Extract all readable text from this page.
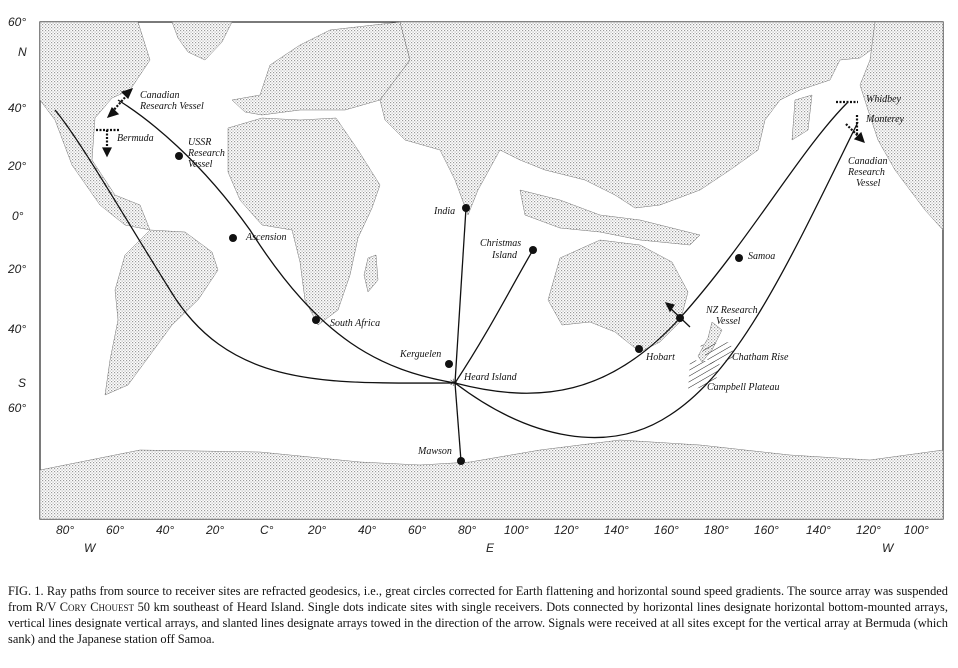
✳
60°
N
40°
20°
0°
20°
40°
S
60°
80°	60°	40°	20°	C°	20°	40°	60°	80° 100° 120° 140° 160° 180° 160° 140° 120° 100°
W	E	W
Canadian
Research Vessel
Bermuda	USSR
Research
Vessel
Ascension
South Africa
Kerguelen
Heard Island
Mawson
India
Christmas
Island	Samoa
NZ Research
Vessel
Hobart	Chatham Rise
Campbell Plateau
Whidbey
Monterey
Canadian
Research
Vessel
FIG. 1. Ray paths from source to receiver sites are refracted geodesics, i.e., great circles corrected for Earth flattening and horizontal sound speed gradients. The source array was suspended from R/V Cory Chouest 50 km southeast of Heard Island. Single dots indicate sites with single receivers. Dots connected by horizontal lines designate horizontal bottom-mounted arrays, vertical lines designate vertical arrays, and slanted lines designate arrays towed in the direction of the arrow. Signals were received at all sites except for the vertical array at Bermuda (which sank) and the Japanese station off Samoa.
